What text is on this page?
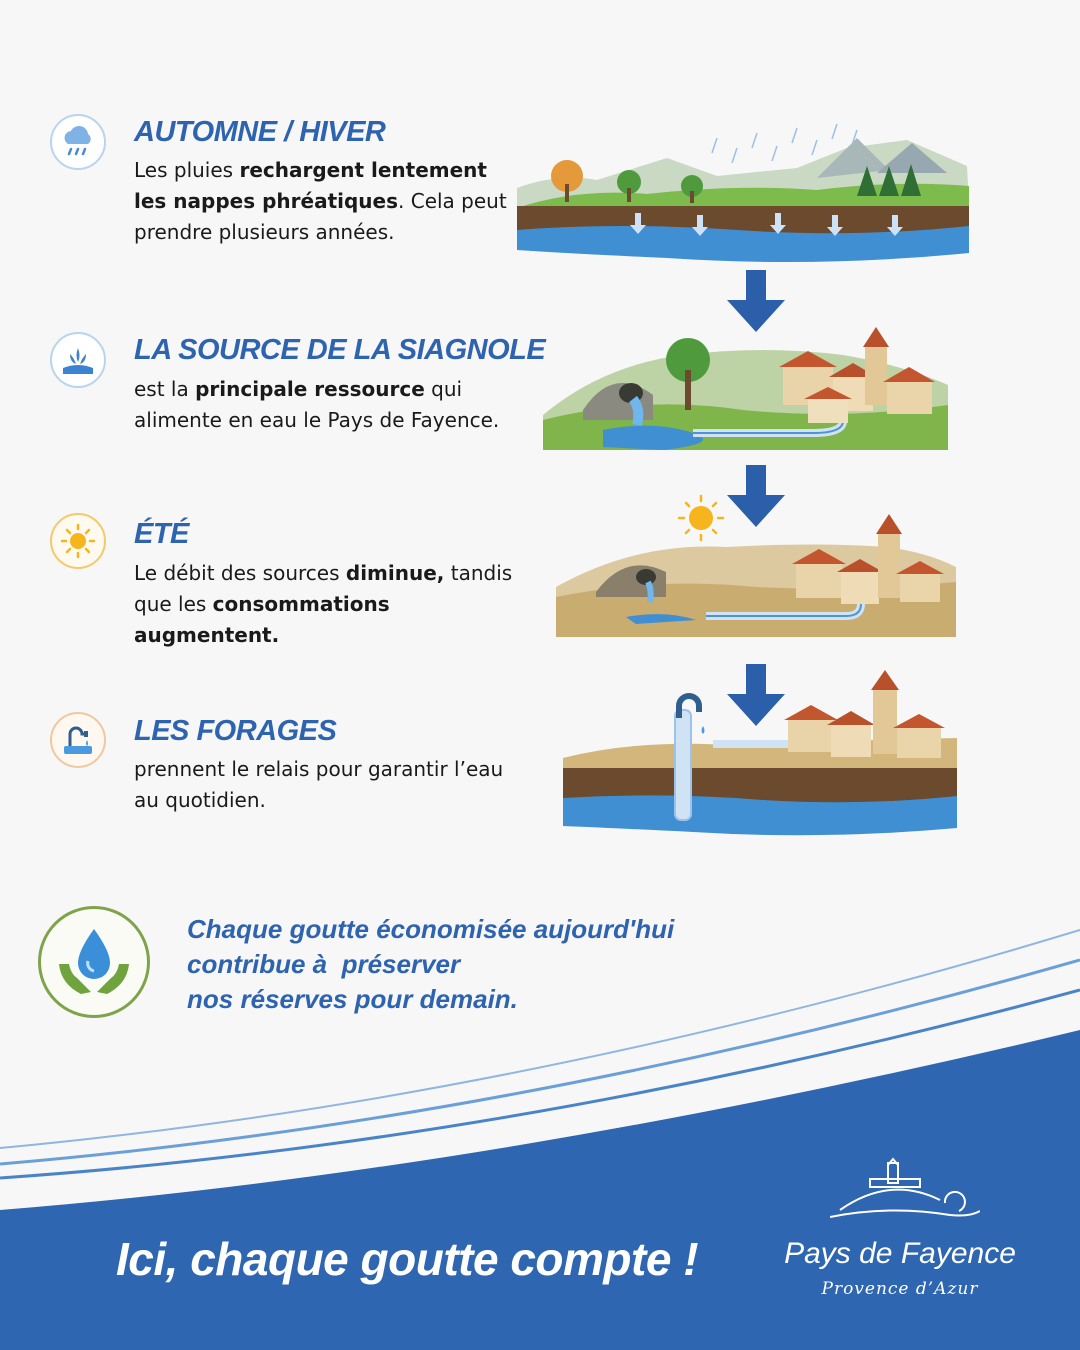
AUTOMNE / HIVER

Les pluies rechargent lentement les nappes phréatiques. Cela peut prendre plusieurs années.

LA SOURCE DE LA SIAGNOLE

est la principale ressource qui alimente en eau le Pays de Fayence.

ÉTÉ

Le débit des sources diminue, tandis que les consommations augmentent.

LES FORAGES

prennent le relais pour garantir l’eau au quotidien.

Chaque goutte économisée aujourd'hui
contribue à  préserver
nos réserves pour demain.
Ici, chaque goutte compte !	Pays de Fayence
Provence d’Azur
